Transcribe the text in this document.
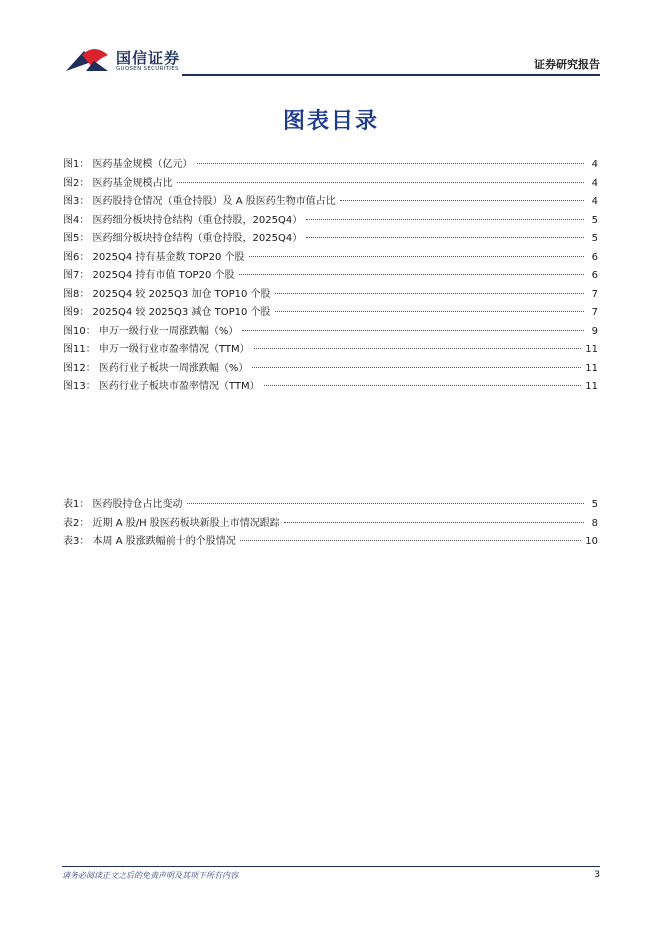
国信证券
GUOSEN SECURITIES	证券研究报告
图表目录
图1： 医药基金规模（亿元）	4
图2： 医药基金规模占比	4
图3： 医药股持仓情况（重仓持股）及 A 股医药生物市值占比	4
图4： 医药细分板块持仓结构（重仓持股，2025Q4）	5
图5： 医药细分板块持仓结构（重仓持股，2025Q4）	5
图6： 2025Q4 持有基金数 TOP20 个股	6
图7： 2025Q4 持有市值 TOP20 个股	6
图8： 2025Q4 较 2025Q3 加仓 TOP10 个股	7
图9： 2025Q4 较 2025Q3 减仓 TOP10 个股	7
图10： 申万一级行业一周涨跌幅（%）	9
图11： 申万一级行业市盈率情况（TTM）	11
图12： 医药行业子板块一周涨跌幅（%）	11
图13： 医药行业子板块市盈率情况（TTM）	11
表1： 医药股持仓占比变动	5
表2： 近期 A 股/H 股医药板块新股上市情况跟踪	8
表3： 本周 A 股涨跌幅前十的个股情况	10
请务必阅读正文之后的免责声明及其项下所有内容	3
